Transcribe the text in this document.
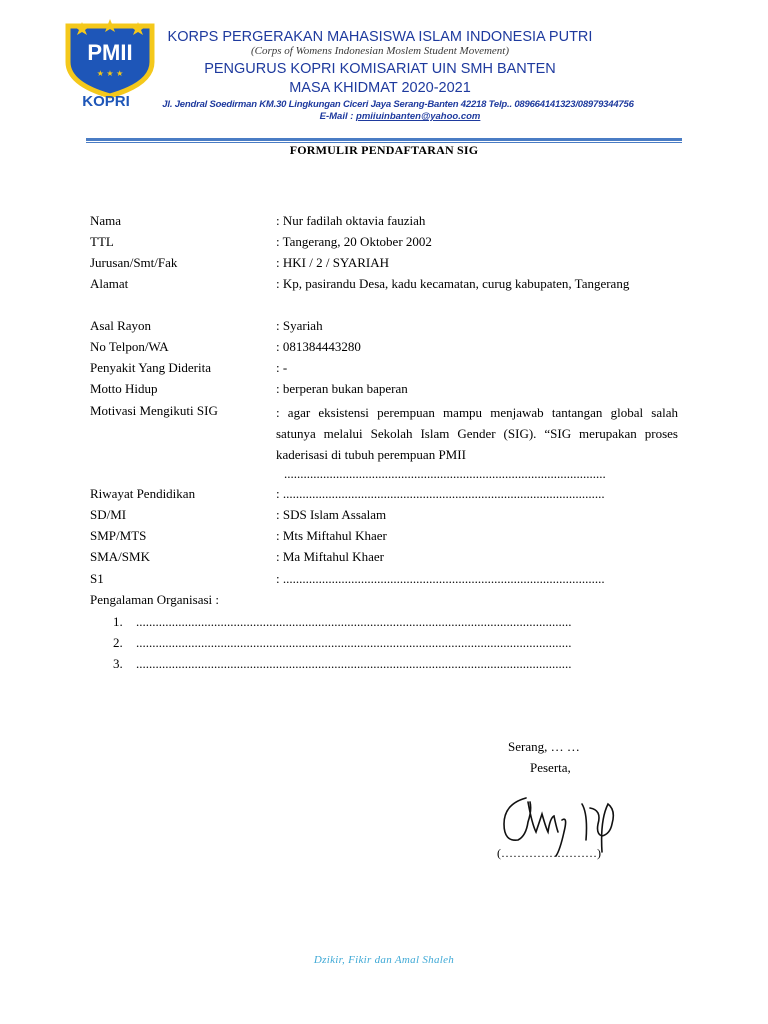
PMII
★ ★ ★
KOPRI
KORPS PERGERAKAN MAHASISWA ISLAM INDONESIA PUTRI
(Corps of Womens Indonesian Moslem Student Movement)
PENGURUS KOPRI KOMISARIAT UIN SMH BANTEN
MASA KHIDMAT 2020-2021
Jl. Jendral Soedirman KM.30 Lingkungan Ciceri Jaya Serang-Banten 42218 Telp.. 089664141323/08979344756
E-Mail : pmiiuinbanten@yahoo.com
FORMULIR PENDAFTARAN SIG
Nama	: Nur fadilah oktavia fauziah
TTL	: Tangerang, 20 Oktober 2002
Jurusan/Smt/Fak	: HKI / 2 / SYARIAH
Alamat	: Kp, pasirandu Desa, kadu kecamatan, curug kabupaten, Tangerang
Asal Rayon	: Syariah
No Telpon/WA	: 081384443280
Penyakit Yang Diderita	: -
Motto Hidup	: berperan bukan baperan
Motivasi Mengikuti SIG	: agar eksistensi perempuan mampu menjawab tantangan global salah satunya melalui Sekolah Islam Gender (SIG). “SIG merupakan proses kaderisasi di tubuh perempuan PMII
...................................................................................................
Riwayat Pendidikan	: ...................................................................................................
SD/MI	: SDS Islam Assalam
SMP/MTS	: Mts Miftahul Khaer
SMA/SMK	: Ma Miftahul Khaer
S1	: ...................................................................................................
Pengalaman Organisasi :
1. ......................................................................................................................................
2. ......................................................................................................................................
3. ......................................................................................................................................
Serang, … …
Peserta,
(……………………)
Dzikir, Fikir dan Amal Shaleh
